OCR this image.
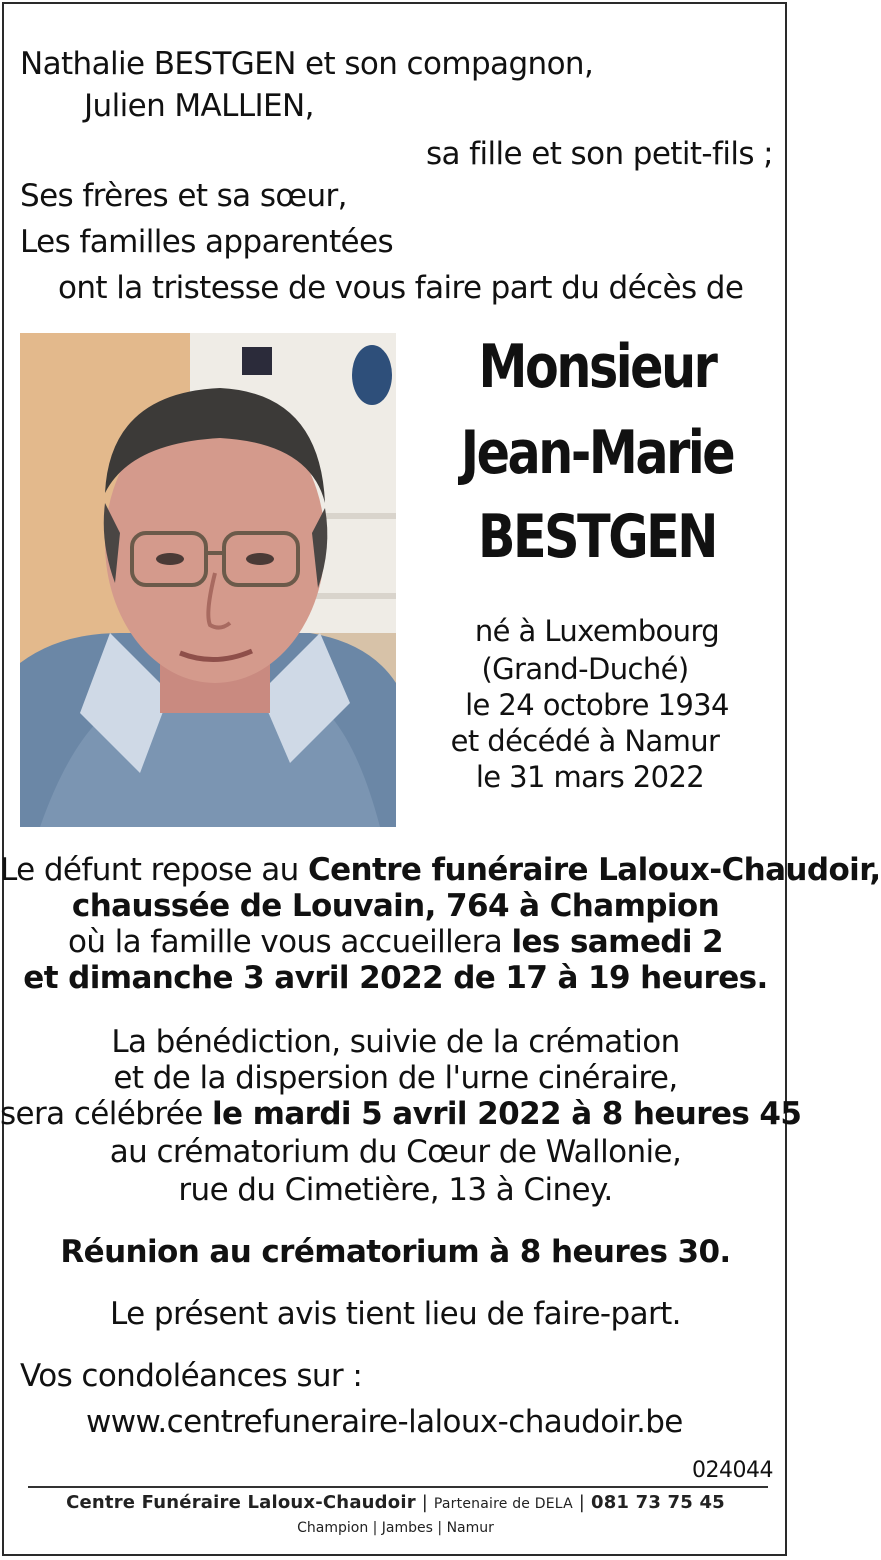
Nathalie BESTGEN et son compagnon,
Julien MALLIEN,
sa fille et son petit-fils ;
Ses frères et sa sœur,
Les familles apparentées
ont la tristesse de vous faire part du décès de
Monsieur
Jean-Marie
BESTGEN
né à Luxembourg
(Grand-Duché)
le 24 octobre 1934
et décédé à Namur
le 31 mars 2022
Le défunt repose au Centre funéraire Laloux-Chaudoir,
chaussée de Louvain, 764 à Champion
où la famille vous accueillera les samedi 2
et dimanche 3 avril 2022 de 17 à 19 heures.
La bénédiction, suivie de la crémation
et de la dispersion de l'urne cinéraire,
sera célébrée le mardi 5 avril 2022 à 8 heures 45
au crématorium du Cœur de Wallonie,
rue du Cimetière, 13 à Ciney.
Réunion au crématorium à 8 heures 30.
Le présent avis tient lieu de faire-part.
Vos condoléances sur :
www.centrefuneraire-laloux-chaudoir.be
024044
Centre Funéraire Laloux-Chaudoir | Partenaire de DELA | 081 73 75 45
Champion | Jambes | Namur
